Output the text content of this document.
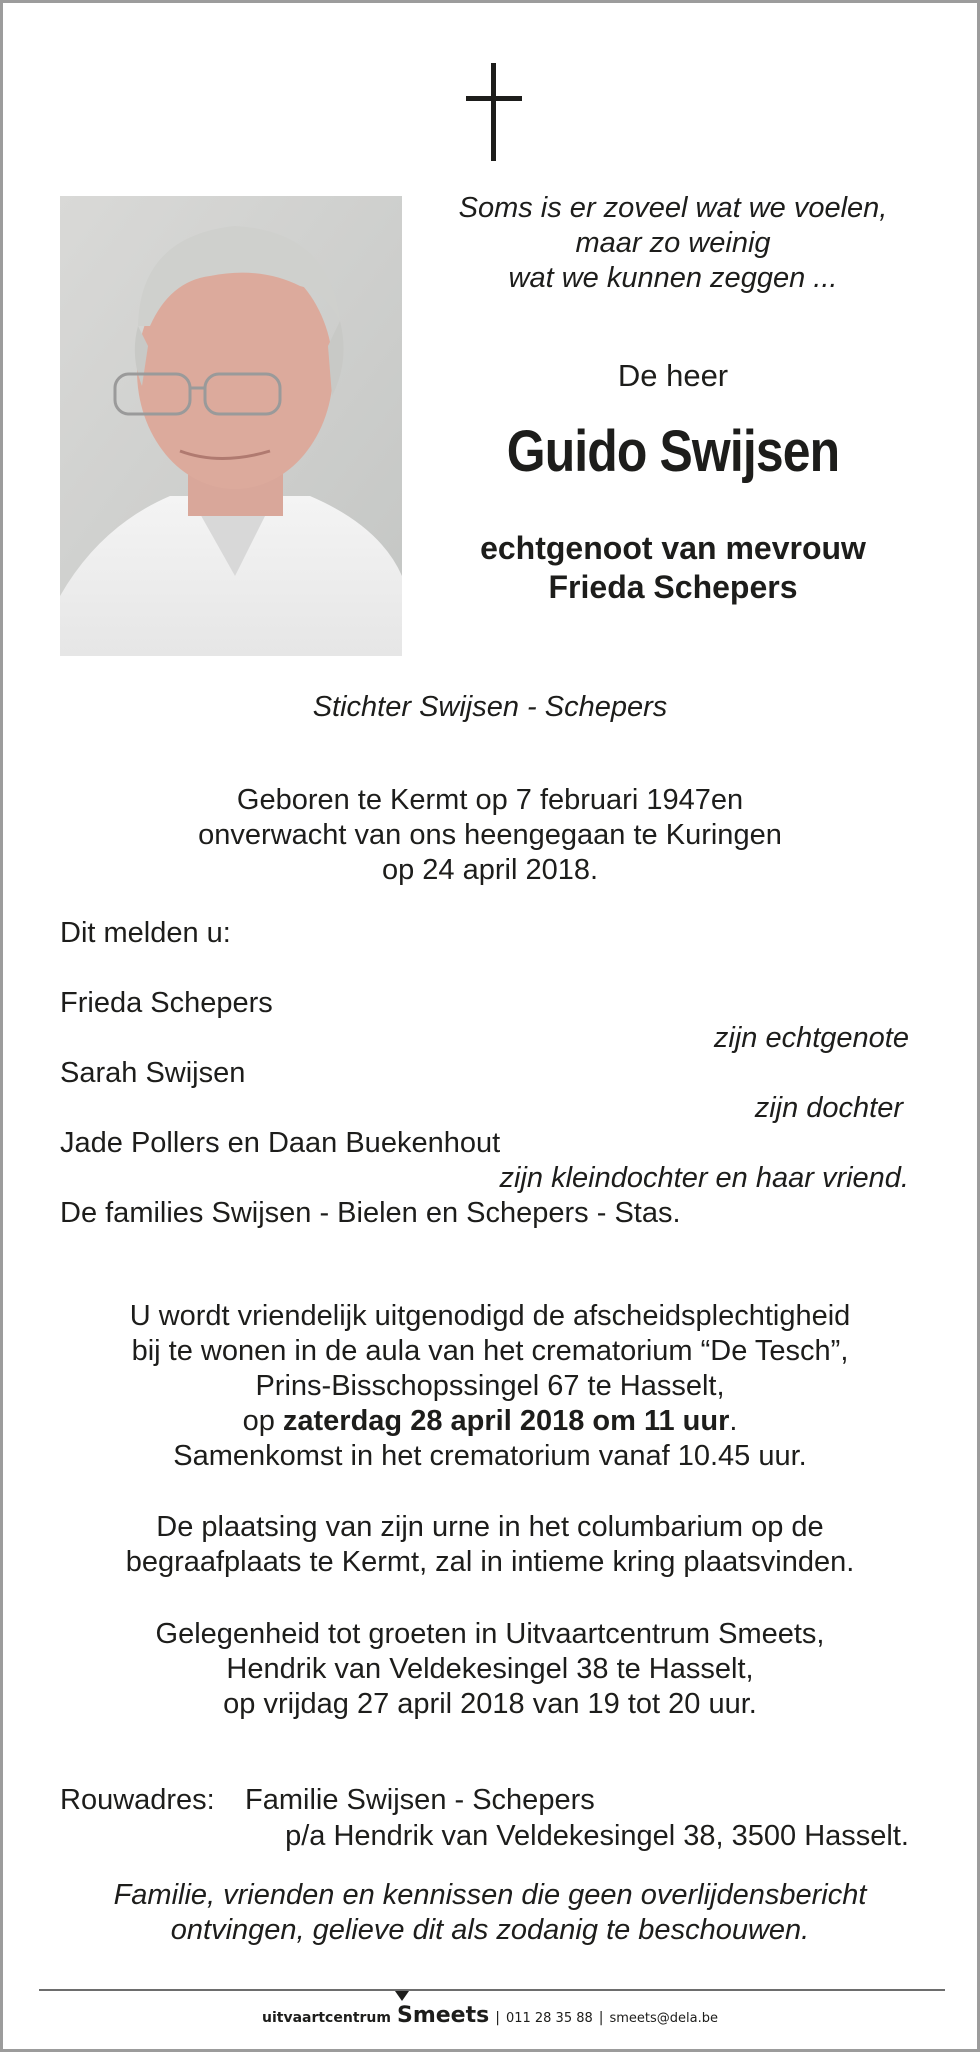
Soms is er zoveel wat we voelen,
maar zo weinig
wat we kunnen zeggen ...
De heer
Guido Swijsen
echtgenoot van mevrouw
Frieda Schepers
Stichter Swijsen - Schepers
Geboren te Kermt op 7 februari 1947en
onverwacht van ons heengegaan te Kuringen
op 24 april 2018.
Dit melden u:
Frieda Schepers
zijn echtgenote
Sarah Swijsen
zijn dochter
Jade Pollers en Daan Buekenhout
zijn kleindochter en haar vriend.
De families Swijsen - Bielen en Schepers - Stas.
U wordt vriendelijk uitgenodigd de afscheidsplechtigheid
bij te wonen in de aula van het crematorium “De Tesch”,
Prins-Bisschopssingel 67 te Hasselt,
op zaterdag 28 april 2018 om 11 uur.
Samenkomst in het crematorium vanaf 10.45 uur.
De plaatsing van zijn urne in het columbarium op de
begraafplaats te Kermt, zal in intieme kring plaatsvinden.
Gelegenheid tot groeten in Uitvaartcentrum Smeets,
Hendrik van Veldekesingel 38 te Hasselt,
op vrijdag 27 april 2018 van 19 tot 20 uur.
Rouwadres: Familie Swijsen - Schepers
p/a Hendrik van Veldekesingel 38, 3500 Hasselt.
Familie, vrienden en kennissen die geen overlijdensbericht
ontvingen, gelieve dit als zodanig te beschouwen.
uitvaartcentrum Smeets | 011 28 35 88 | smeets@dela.be
